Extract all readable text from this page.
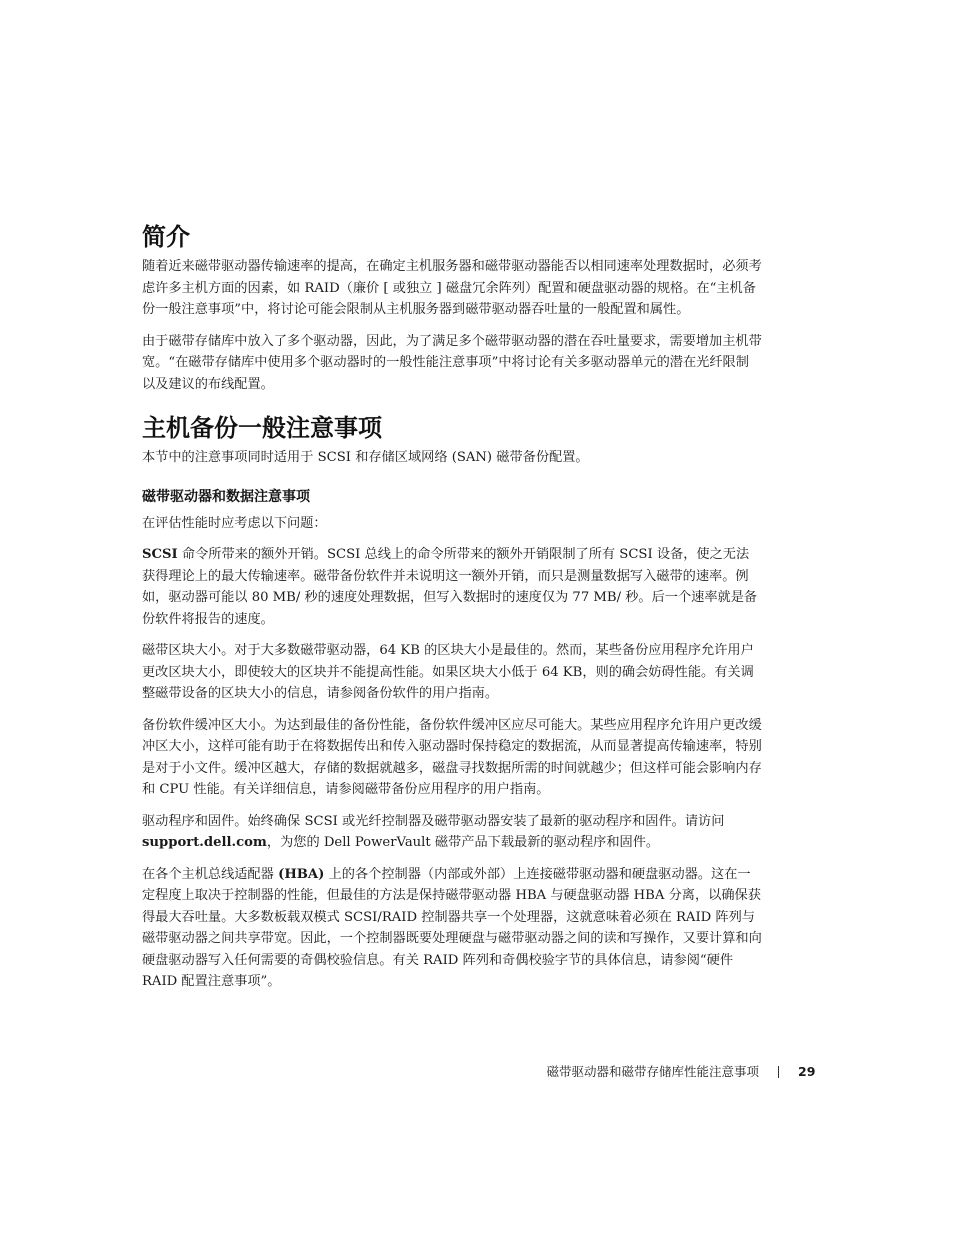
简介

随着近来磁带驱动器传输速率的提高，在确定主机服务器和磁带驱动器能否以相同速率处理数据时，必须考虑许多主机方面的因素，如 RAID（廉价 [ 或独立 ] 磁盘冗余阵列）配置和硬盘驱动器的规格。在“主机备份一般注意事项”中，将讨论可能会限制从主机服务器到磁带驱动器吞吐量的一般配置和属性。

由于磁带存储库中放入了多个驱动器，因此，为了满足多个磁带驱动器的潜在吞吐量要求，需要增加主机带宽。“在磁带存储库中使用多个驱动器时的一般性能注意事项”中将讨论有关多驱动器单元的潜在光纤限制以及建议的布线配置。

主机备份一般注意事项

本节中的注意事项同时适用于 SCSI 和存储区域网络 (SAN) 磁带备份配置。

磁带驱动器和数据注意事项

在评估性能时应考虑以下问题：

SCSI 命令所带来的额外开销。SCSI 总线上的命令所带来的额外开销限制了所有 SCSI 设备，使之无法获得理论上的最大传输速率。磁带备份软件并未说明这一额外开销，而只是测量数据写入磁带的速率。例如，驱动器可能以 80 MB/ 秒的速度处理数据，但写入数据时的速度仅为 77 MB/ 秒。后一个速率就是备份软件将报告的速度。

磁带区块大小。对于大多数磁带驱动器，64 KB 的区块大小是最佳的。然而，某些备份应用程序允许用户更改区块大小，即使较大的区块并不能提高性能。如果区块大小低于 64 KB，则的确会妨碍性能。有关调整磁带设备的区块大小的信息，请参阅备份软件的用户指南。

备份软件缓冲区大小。为达到最佳的备份性能，备份软件缓冲区应尽可能大。某些应用程序允许用户更改缓冲区大小，这样可能有助于在将数据传出和传入驱动器时保持稳定的数据流，从而显著提高传输速率，特别是对于小文件。缓冲区越大，存储的数据就越多，磁盘寻找数据所需的时间就越少；但这样可能会影响内存和 CPU 性能。有关详细信息，请参阅磁带备份应用程序的用户指南。

驱动程序和固件。始终确保 SCSI 或光纤控制器及磁带驱动器安装了最新的驱动程序和固件。请访问 support.dell.com，为您的 Dell PowerVault 磁带产品下载最新的驱动程序和固件。

在各个主机总线适配器 (HBA) 上的各个控制器（内部或外部）上连接磁带驱动器和硬盘驱动器。这在一定程度上取决于控制器的性能，但最佳的方法是保持磁带驱动器 HBA 与硬盘驱动器 HBA 分离，以确保获得最大吞吐量。大多数板载双模式 SCSI/RAID 控制器共享一个处理器，这就意味着必须在 RAID 阵列与磁带驱动器之间共享带宽。因此，一个控制器既要处理硬盘与磁带驱动器之间的读和写操作，又要计算和向硬盘驱动器写入任何需要的奇偶校验信息。有关 RAID 阵列和奇偶校验字节的具体信息，请参阅“硬件 RAID 配置注意事项”。

磁带驱动器和磁带存储库性能注意事项	29
